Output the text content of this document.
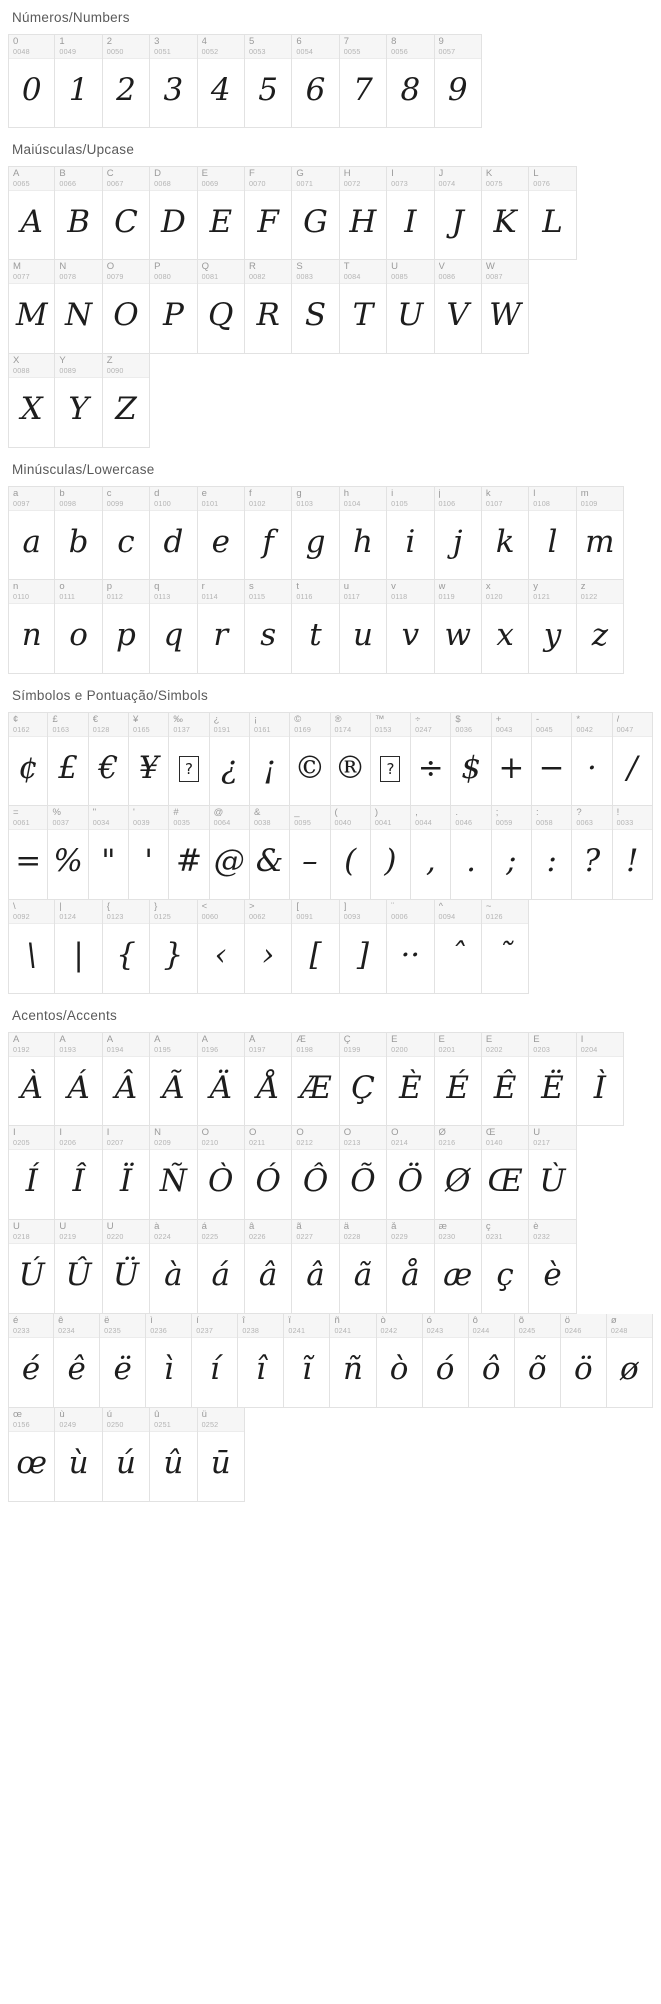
Números/Numbers
0
0048
0
1
0049
1
2
0050
2
3
0051
3
4
0052
4
5
0053
5
6
0054
6
7
0055
7
8
0056
8
9
0057
9
Maiúsculas/Upcase
A
0065
A
B
0066
B
C
0067
C
D
0068
D
E
0069
E
F
0070
F
G
0071
G
H
0072
H
I
0073
I
J
0074
J
K
0075
K
L
0076
L
M
0077
M
N
0078
N
O
0079
O
P
0080
P
Q
0081
Q
R
0082
R
S
0083
S
T
0084
T
U
0085
U
V
0086
V
W
0087
W
X
0088
X
Y
0089
Y
Z
0090
Z
Minúsculas/Lowercase
a
0097
a
b
0098
b
c
0099
c
d
0100
d
e
0101
e
f
0102
f
g
0103
g
h
0104
h
i
0105
i
j
0106
j
k
0107
k
l
0108
l
m
0109
m
n
0110
n
o
0111
o
p
0112
p
q
0113
q
r
0114
r
s
0115
s
t
0116
t
u
0117
u
v
0118
v
w
0119
w
x
0120
x
y
0121
y
z
0122
z
Símbolos e Pontuação/Simbols
¢
0162
¢
£
0163
£
€
0128
€
¥
0165
¥
‰
0137
?
¿
0191
¿
¡
0161
¡
©
0169
©
®
0174
®
™
0153
?
÷
0247
÷
$
0036
$
+
0043
+
-
0045
−
*
0042
·
/
0047
/
=
0061
=
%
0037
%
"
0034
"
'
0039
'
#
0035
#
@
0064
@
&
0038
&
_
0095
–
(
0040
(
)
0041
)
,
0044
,
.
0046
.
;
0059
;
:
0058
:
?
0063
?
!
0033
!
\
0092
\
|
0124
|
{
0123
{
}
0125
}
<
0060
‹
>
0062
›
[
0091
[
]
0093
]
¨
0006
··
^
0094
ˆ
~
0126
˜
Acentos/Accents
À
0192
À
Á
0193
Á
Â
0194
Â
Ã
0195
Ã
Ä
0196
Ä
Å
0197
Å
Æ
0198
Æ
Ç
0199
Ç
È
0200
È
É
0201
É
Ê
0202
Ê
Ë
0203
Ë
Ì
0204
Ì
Í
0205
Í
Î
0206
Î
Ï
0207
Ï
Ñ
0209
Ñ
Ò
0210
Ò
Ó
0211
Ó
Ô
0212
Ô
Õ
0213
Õ
Ö
0214
Ö
Ø
0216
Ø
Œ
0140
Œ
Ù
0217
Ù
Ú
0218
Ú
Û
0219
Û
Ü
0220
Ü
à
0224
à
á
0225
á
â
0226
â
ã
0227
â
ä
0228
ã
å
0229
å
æ
0230
æ
ç
0231
ç
è
0232
è
é
0233
é
ê
0234
ê
ë
0235
ë
ì
0236
ì
í
0237
í
î
0238
î
ï
0241
ĩ
ñ
0241
ñ
ò
0242
ò
ó
0243
ó
ô
0244
ô
õ
0245
õ
ö
0246
ö
ø
0248
ø
œ
0156
œ
ù
0249
ù
ú
0250
ú
û
0251
û
ü
0252
ū
